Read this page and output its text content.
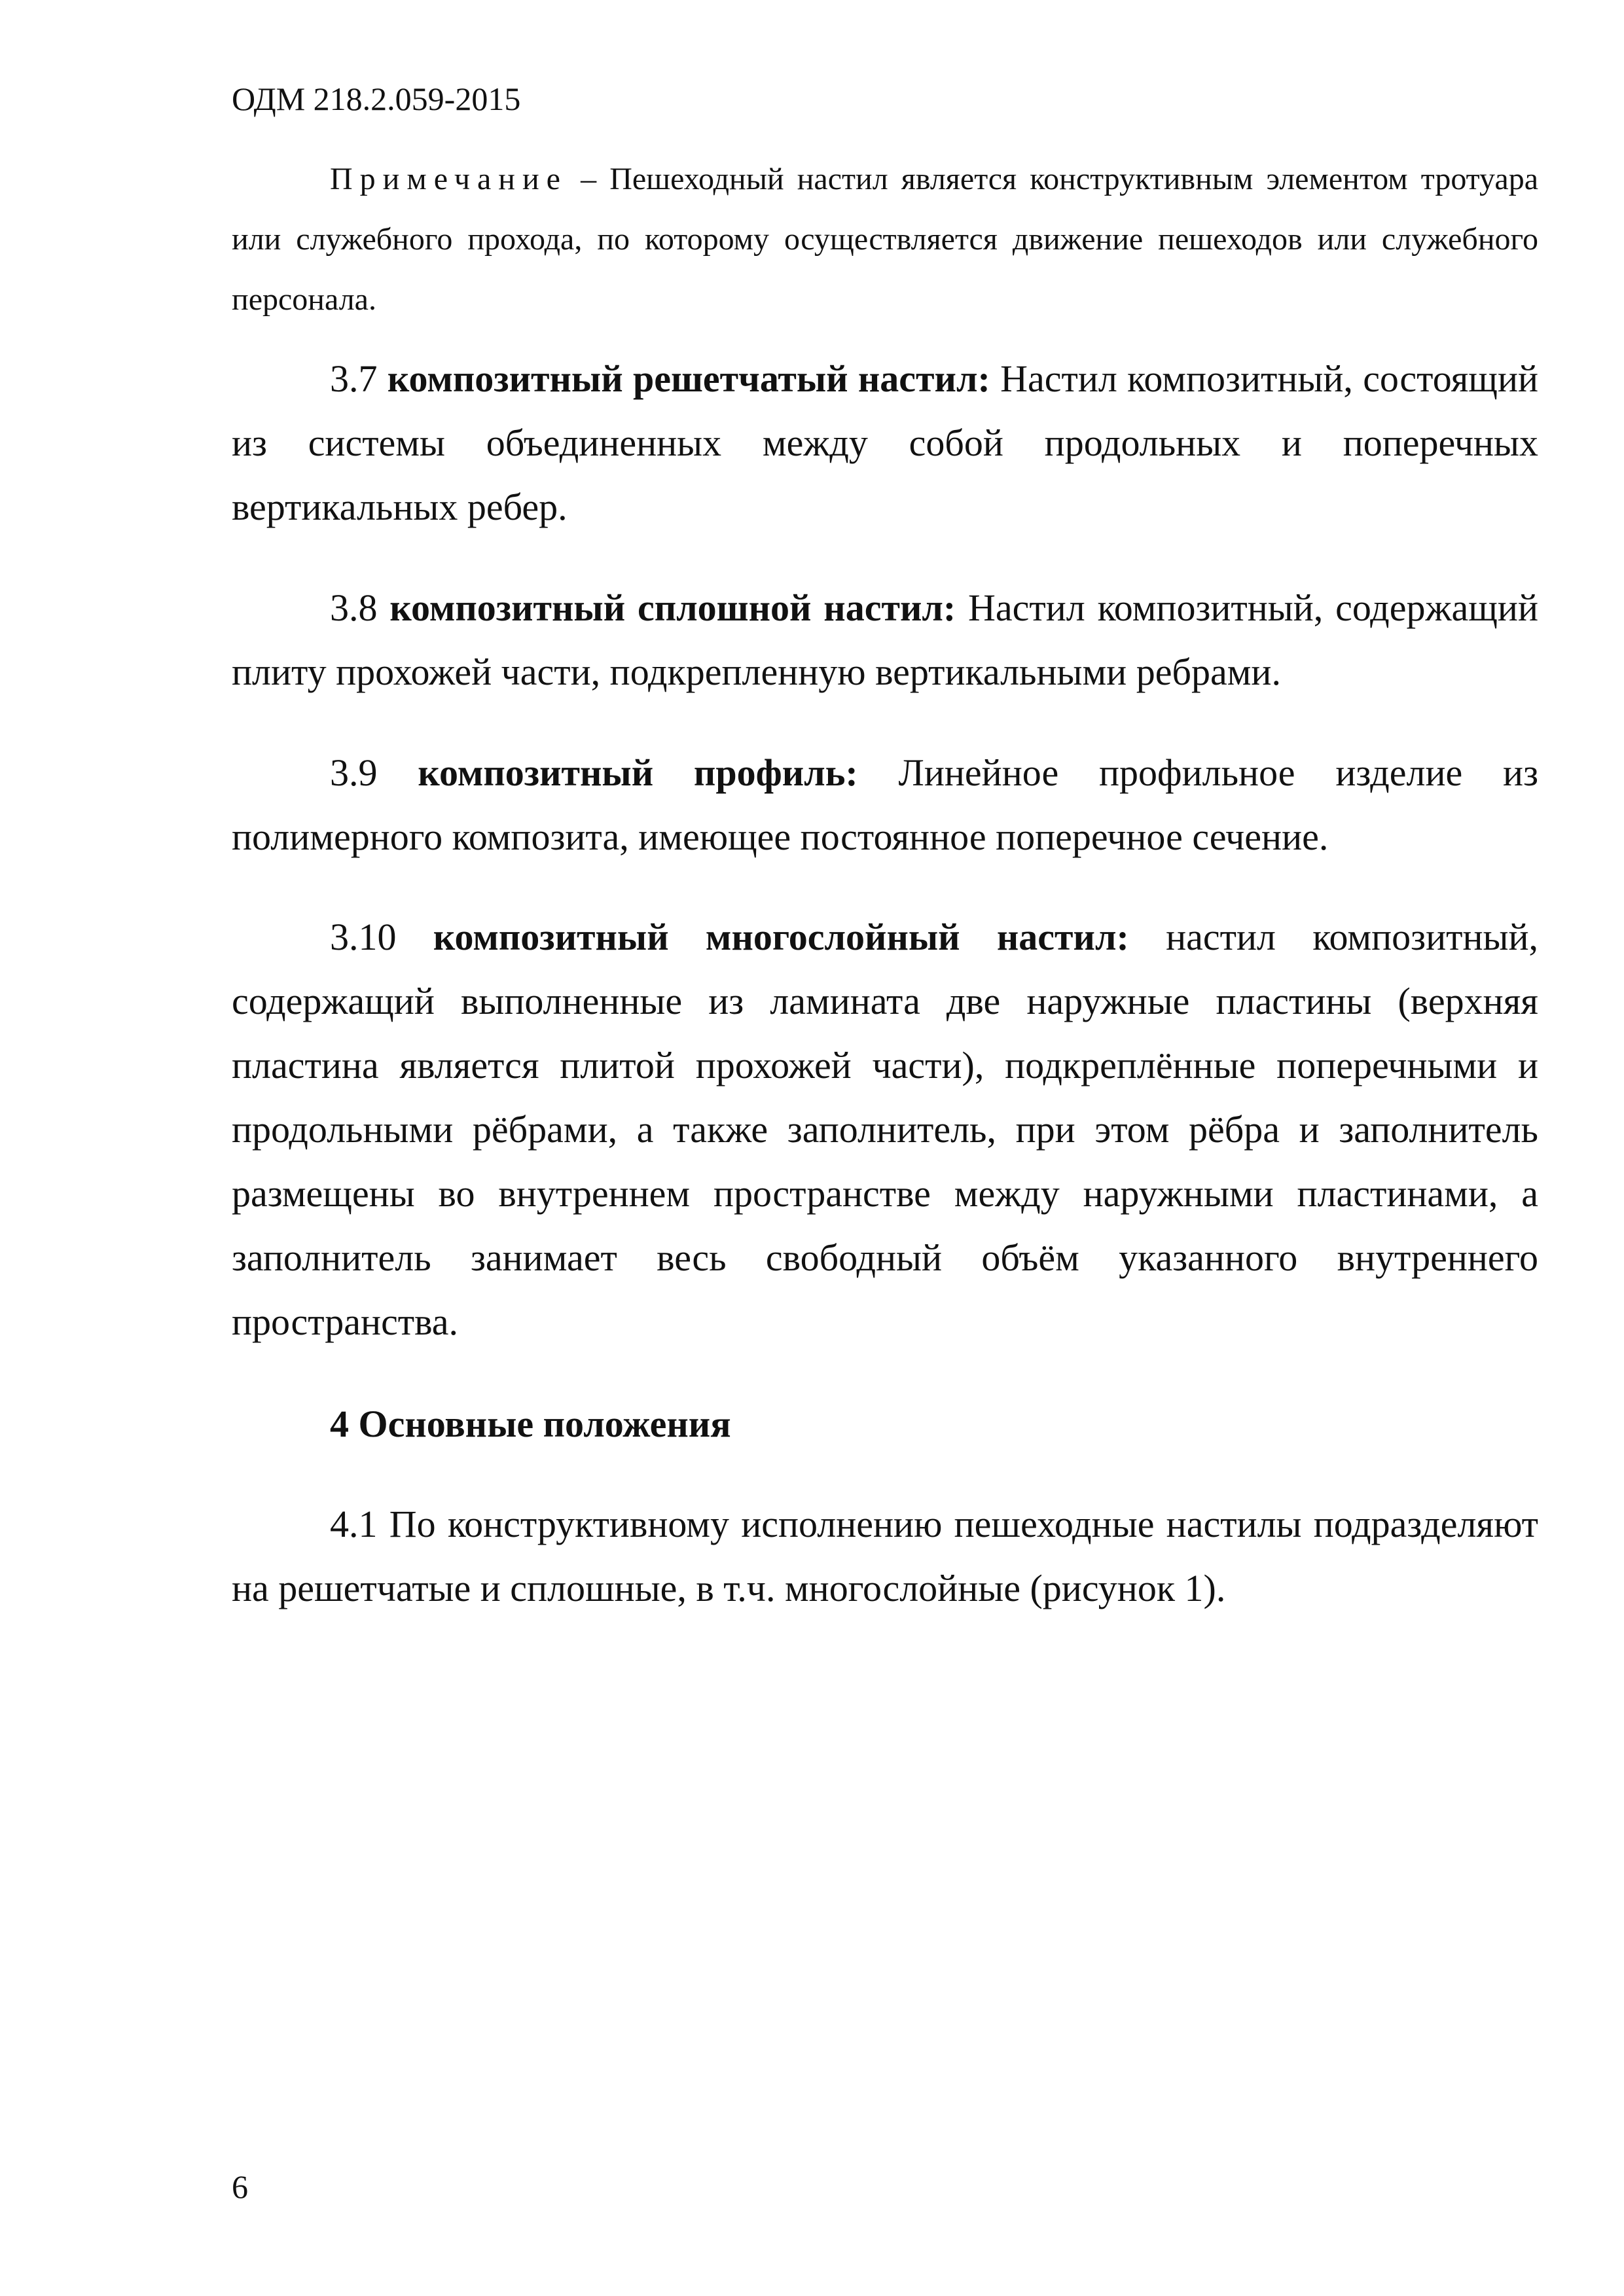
ОДМ 218.2.059-2015

Примечание – Пешеходный настил является конструктивным элементом тротуара или служебного прохода, по которому осуществляется движение пешеходов или служебного персонала.

3.7 композитный решетчатый настил: Настил композитный, состоящий из системы объединенных между собой продольных и поперечных вертикальных ребер.

3.8 композитный сплошной настил: Настил композитный, содержащий плиту прохожей части, подкрепленную вертикальными ребрами.

3.9 композитный профиль: Линейное профильное изделие из полимерного композита, имеющее постоянное поперечное сечение.

3.10 композитный многослойный настил: настил композитный, содержащий выполненные из ламината две наружные пластины (верхняя пластина является плитой прохожей части), подкреплённые поперечными и продольными рёбрами, а также заполнитель, при этом рёбра и заполнитель размещены во внутреннем пространстве между наружными пластинами, а заполнитель занимает весь свободный объём указанного внутреннего пространства.

4 Основные положения

4.1 По конструктивному исполнению пешеходные настилы подразделяют на решетчатые и сплошные, в т.ч. многослойные (рисунок 1).

6
